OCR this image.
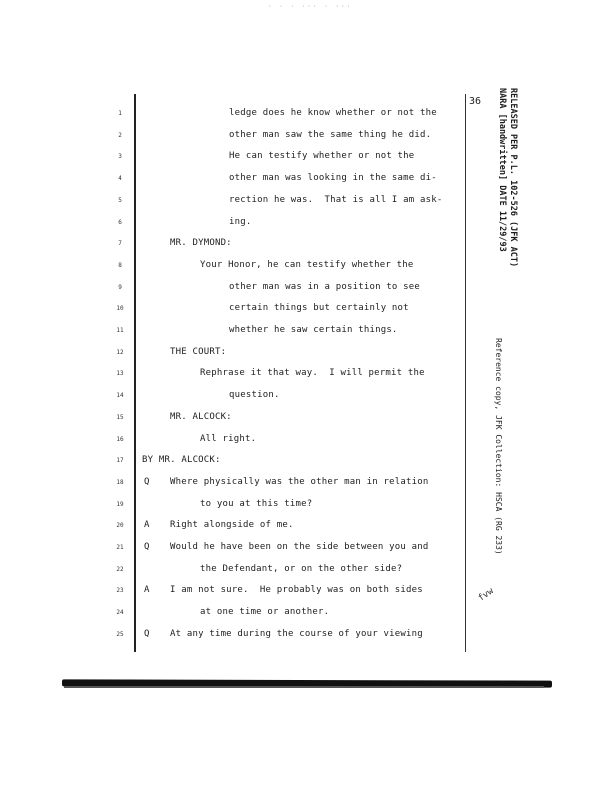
· · · ··· · ···
36	RELEASED PER P.L. 102-526 (JFK ACT)
NARA [handwritten] DATE 11/29/93
Reference copy, JFK Collection: HSCA (RG 233)
fvw
1	ledge does he know whether or not the
2	other man saw the same thing he did.
3	He can testify whether or not the
4	other man was looking in the same di-
5	rection he was.  That is all I am ask-
6	ing.
7	MR. DYMOND:
8	Your Honor, he can testify whether the
9	other man was in a position to see
10	certain things but certainly not
11	whether he saw certain things.
12	THE COURT:
13	Rephrase it that way.  I will permit the
14	question.
15	MR. ALCOCK:
16	All right.
17	BY MR. ALCOCK:
18	Q Where physically was the other man in relation
19	to you at this time?
20	A Right alongside of me.
21	Q Would he have been on the side between you and
22	the Defendant, or on the other side?
23	A I am not sure.  He probably was on both sides
24	at one time or another.
25	Q At any time during the course of your viewing
